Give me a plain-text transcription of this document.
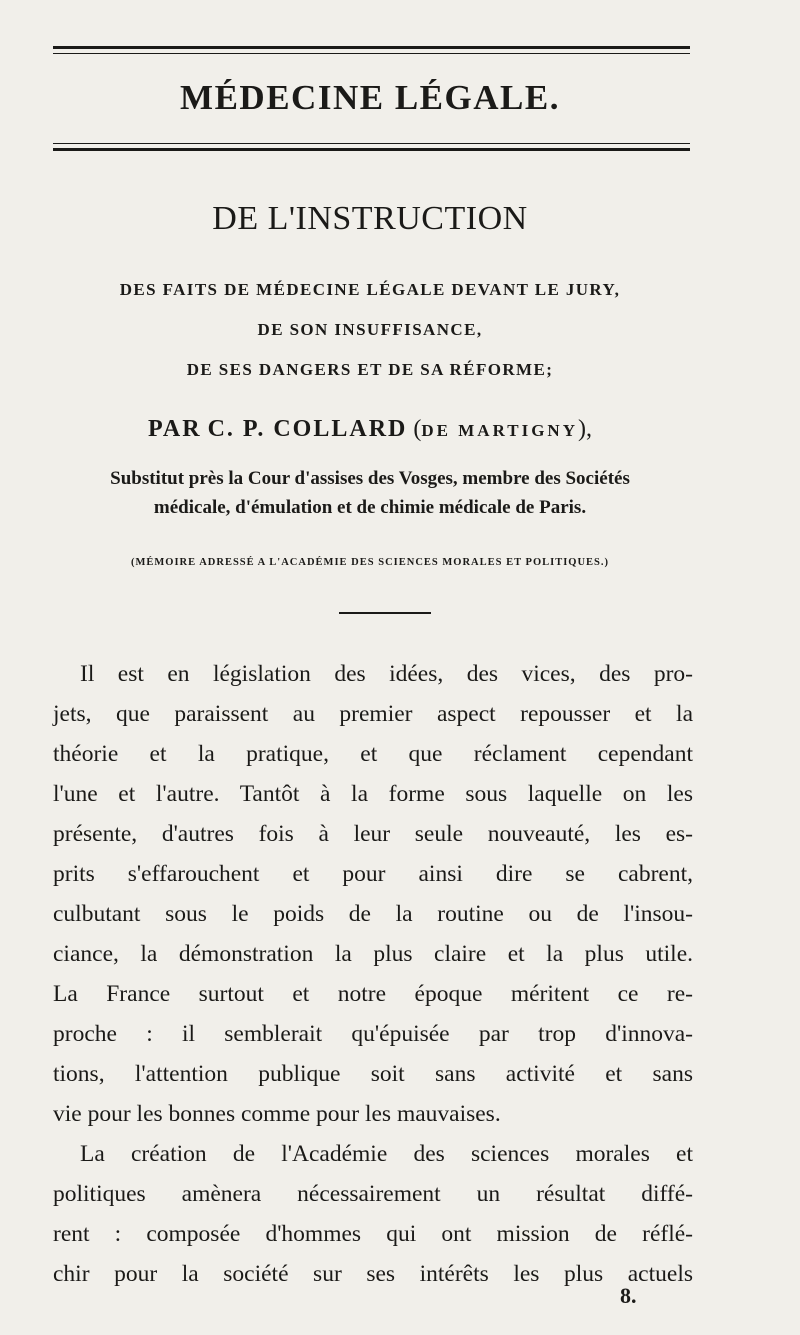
MÉDECINE LÉGALE.
DE L'INSTRUCTION
DES FAITS DE MÉDECINE LÉGALE DEVANT LE JURY,
DE SON INSUFFISANCE,
DE SES DANGERS ET DE SA RÉFORME;
PAR C. P. COLLARD (DE MARTIGNY),
Substitut près la Cour d'assises des Vosges, membre des Sociétés
médicale, d'émulation et de chimie médicale de Paris.
(MÉMOIRE ADRESSÉ A L'ACADÉMIE DES SCIENCES MORALES ET POLITIQUES.)
Il est en législation des idées, des vices, des pro-
jets, que paraissent au premier aspect repousser et la
théorie et la pratique, et que réclament cependant
l'une et l'autre. Tantôt à la forme sous laquelle on les
présente, d'autres fois à leur seule nouveauté, les es-
prits s'effarouchent et pour ainsi dire se cabrent,
culbutant sous le poids de la routine ou de l'insou-
ciance, la démonstration la plus claire et la plus utile.
La France surtout et notre époque méritent ce re-
proche : il semblerait qu'épuisée par trop d'innova-
tions, l'attention publique soit sans activité et sans
vie pour les bonnes comme pour les mauvaises.
La création de l'Académie des sciences morales et
politiques amènera nécessairement un résultat diffé-
rent : composée d'hommes qui ont mission de réflé-
chir pour la société sur ses intérêts les plus actuels
8.
